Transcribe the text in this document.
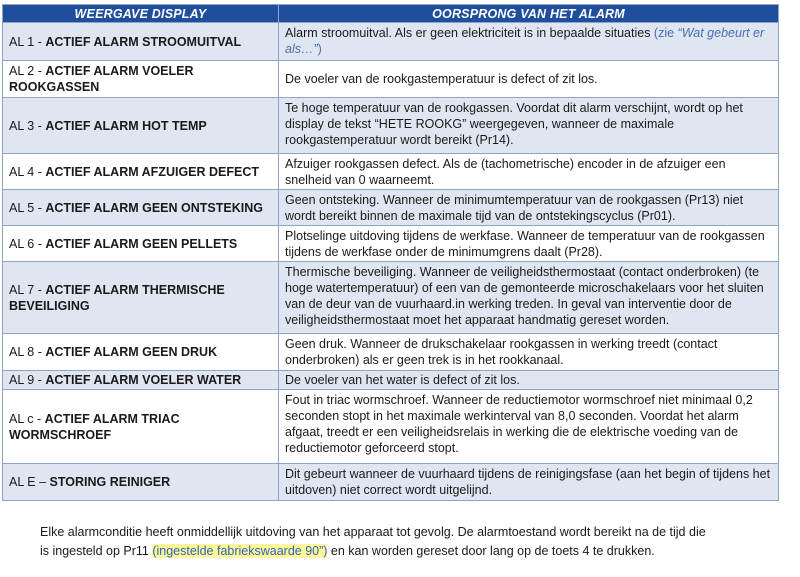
WEERGAVE DISPLAY	OORSPRONG VAN HET ALARM
AL 1 - ACTIEF ALARM STROOMUITVAL	Alarm stroomuitval. Als er geen elektriciteit is in bepaalde situaties (zie “Wat gebeurt er als…”)
AL 2 - ACTIEF ALARM VOELER ROOKGASSEN	De voeler van de rookgastemperatuur is defect of zit los.
AL 3 - ACTIEF ALARM HOT TEMP	Te hoge temperatuur van de rookgassen. Voordat dit alarm verschijnt, wordt op het display de tekst “HETE ROOKG” weergegeven, wanneer de maximale rookgastemperatuur wordt bereikt (Pr14).
AL 4 - ACTIEF ALARM AFZUIGER DEFECT	Afzuiger rookgassen defect. Als de (tachometrische) encoder in de afzuiger een snelheid van 0 waarneemt.
AL 5 - ACTIEF ALARM GEEN ONTSTEKING	Geen ontsteking. Wanneer de minimumtemperatuur van de rookgassen (Pr13) niet wordt bereikt binnen de maximale tijd van de ontstekingscyclus (Pr01).
AL 6 - ACTIEF ALARM GEEN PELLETS	Plotselinge uitdoving tijdens de werkfase. Wanneer de temperatuur van de rookgassen tijdens de werkfase onder de minimumgrens daalt (Pr28).
AL 7 - ACTIEF ALARM THERMISCHE BEVEILIGING	Thermische beveiliging. Wanneer de veiligheidsthermostaat (contact onderbroken) (te hoge watertemperatuur) of een van de gemonteerde microschakelaars voor het sluiten van de deur van de vuurhaard.in werking treden. In geval van interventie door de veiligheidsthermostaat moet het apparaat handmatig gereset worden.
AL 8 - ACTIEF ALARM GEEN DRUK	Geen druk. Wanneer de drukschakelaar rookgassen in werking treedt (contact onderbroken) als er geen trek is in het rookkanaal.
AL 9 - ACTIEF ALARM VOELER WATER	De voeler van het water is defect of zit los.
AL c - ACTIEF ALARM TRIAC WORMSCHROEF	Fout in triac wormschroef. Wanneer de reductiemotor wormschroef niet minimaal 0,2 seconden stopt in het maximale werkinterval van 8,0 seconden. Voordat het alarm afgaat, treedt er een veiligheidsrelais in werking die de elektrische voeding van de reductiemotor geforceerd stopt.
AL E – STORING REINIGER	Dit gebeurt wanneer de vuurhaard tijdens de reinigingsfase (aan het begin of tijdens het uitdoven) niet correct wordt uitgelijnd.
Elke alarmconditie heeft onmiddellijk uitdoving van het apparaat tot gevolg. De alarmtoestand wordt bereikt na de tijd die
is ingesteld op Pr11 (ingestelde fabriekswaarde 90”) en kan worden gereset door lang op de toets 4 te drukken.
